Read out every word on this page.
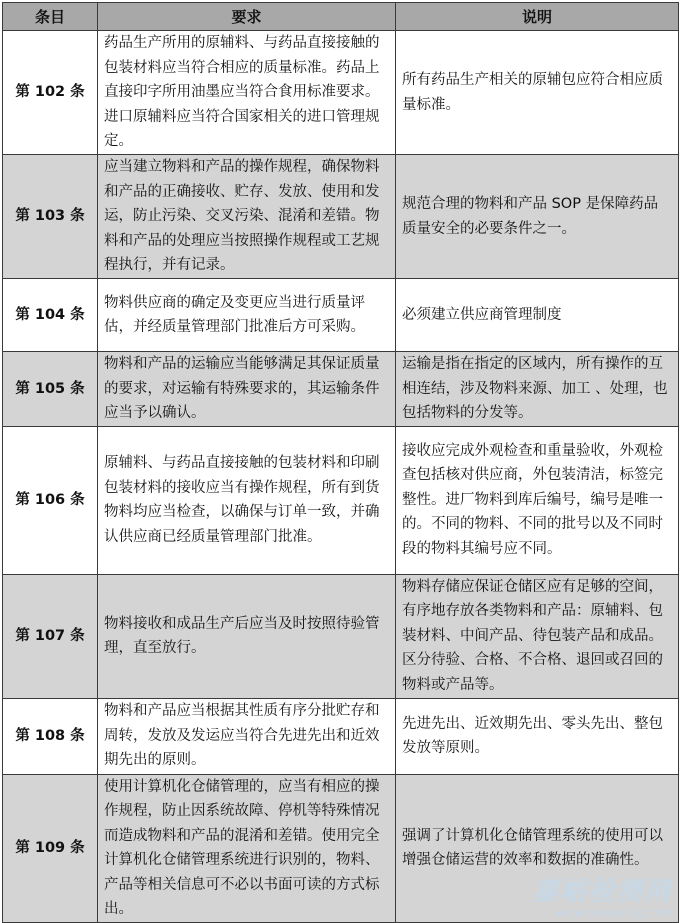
条目	要求	说明
第 102 条	药品生产所用的原辅料、与药品直接接触的包装材料应当符合相应的质量标准。药品上直接印字所用油墨应当符合食用标准要求。进口原辅料应当符合国家相关的进口管理规定。	所有药品生产相关的原辅包应符合相应质量标准。
第 103 条	应当建立物料和产品的操作规程，确保物料和产品的正确接收、贮存、发放、使用和发运，防止污染、交叉污染、混淆和差错。物料和产品的处理应当按照操作规程或工艺规程执行，并有记录。	规范合理的物料和产品 SOP 是保障药品质量安全的必要条件之一。
第 104 条	物料供应商的确定及变更应当进行质量评估，并经质量管理部门批准后方可采购。	必须建立供应商管理制度
第 105 条	物料和产品的运输应当能够满足其保证质量的要求，对运输有特殊要求的，其运输条件应当予以确认。	运输是指在指定的区域内，所有操作的互相连结，涉及物料来源、加工 、处理，也包括物料的分发等。
第 106 条	原辅料、与药品直接接触的包装材料和印刷包装材料的接收应当有操作规程，所有到货物料均应当检查，以确保与订单一致，并确认供应商已经质量管理部门批准。	接收应完成外观检查和重量验收，外观检查包括核对供应商，外包装清洁，标签完整性。进厂物料到库后编号，编号是唯一的。不同的物料、不同的批号以及不同时段的物料其编号应不同。
第 107 条	物料接收和成品生产后应当及时按照待验管理，直至放行。	物料存储应保证仓储区应有足够的空间，有序地存放各类物料和产品：原辅料、包装材料、中间产品、待包装产品和成品。区分待验、合格、不合格、退回或召回的物料或产品等。
第 108 条	物料和产品应当根据其性质有序分批贮存和周转，发放及发运应当符合先进先出和近效期先出的原则。	先进先出、近效期先出、零头先出、整包发放等原则。
第 109 条	使用计算机化仓储管理的，应当有相应的操作规程，防止因系统故障、停机等特殊情况而造成物料和产品的混淆和差错。使用完全计算机化仓储管理系统进行识别的，物料、产品等相关信息可不必以书面可读的方式标出。	强调了计算机化仓储管理系统的使用可以增强仓储运营的效率和数据的准确性。
嘉峪检测网
www.anytesting.com
